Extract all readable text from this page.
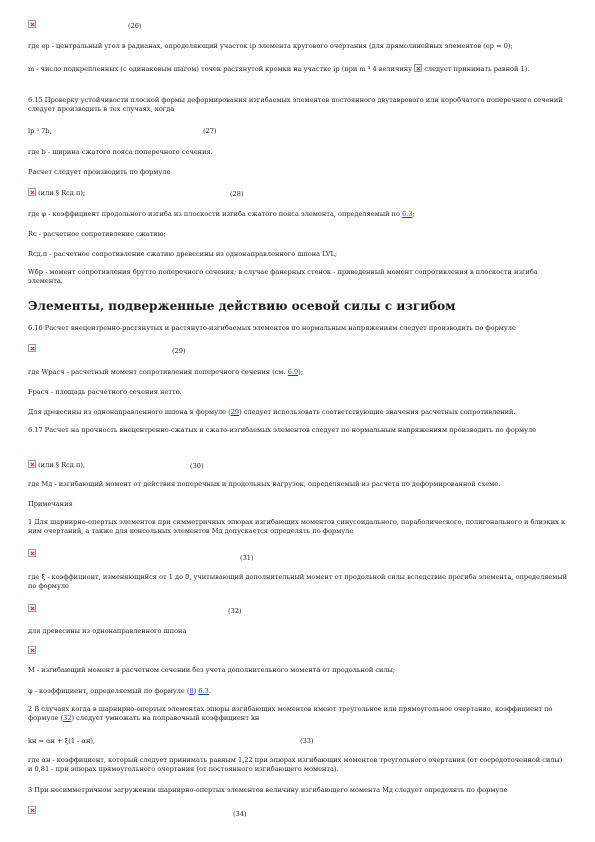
(26)
где ep - центральный угол в радианах, определяющий участок ip элемента кругового очертания (для прямолинейных элементов (ep = 0);
m - число подкрепленных (с одинаковым шагом) точек растянутой кромки на участке ip (при m ³ 4 величину следует принимать равной 1).
6.15 Проверку устойчивости плоской формы деформирования изгибаемых элементов постоянного двутаврового или коробчатого поперечного сечений следует производить в тех случаях, когда
lp ³ 7b,	(27)
где b - ширина сжатого пояса поперечного сечения.
Расчет следует производить по формуле
(или § Rсд.п);	(28)
где φ - коэффициент продольного изгиба из плоскости изгиба сжатого пояса элемента, определяемый по 6.3;
Rc - расчетное сопротивление сжатию;
Rсд.п - расчетное сопротивление сжатию древесины из однонаправленного шпона LVL;
Wбр - момент сопротивления брутто поперечного сечения; в случае фанерных стенок - приведенный момент сопротивления в плоскости изгиба элемента.
Элементы, подверженные действию осевой силы с изгибом
6.16 Расчет внецентренно-растянутых и растянуто-изгибаемых элементов по нормальным напряжениям следует производить по формуле
(29)
где Wрасч - расчетный момент сопротивления поперечного сечения (см. 6.9);
Fрасч - площадь расчетного сечения нетто.
Для древесины из однонаправленного шпона в формуле (29) следует использовать соответствующие значения расчетных сопротивлений.
6.17 Расчет на прочность внецентренно-сжатых и сжато-изгибаемых элементов следует по нормальным напряжениям производить по формуле
(или § Rсд.п),	(30)
где Мд - изгибающий момент от действия поперечных и продольных нагрузок, определяемый из расчета по деформированной схеме.
Примечания
1 Для шарнирно-опертых элементов при симметричных эпюрах изгибающих моментов синусоидального, параболического, полигонального и близких к ним очертаний, а также для консольных элементов Мд допускается определять по формуле
(31)
где ξ - коэффициент, изменяющийся от 1 до 0, учитывающий дополнительный момент от продольной силы вследствие прогиба элемента, определяемый по формуле
(32)
для древесины из однонаправленного шпона
М - изгибающий момент в расчетном сечении без учета дополнительного момента от продольной силы;
φ - коэффициент, определяемый по формуле (8) 6.3.
2 В случаях когда в шарнирно-опертых элементах эпюры изгибающих моментов имеют треугольное или прямоугольное очертание, коэффициент по формуле (32) следует умножать на поправочный коэффициент kн
kн = αн + ξ(1 - αн),	(33)
где αн - коэффициент, который следует принимать равным 1,22 при эпюрах изгибающих моментов треугольного очертания (от сосредоточенной силы) и 0,81 - при эпюрах прямоугольного очертания (от постоянного изгибающего момента).
3 При несимметричном загружении шарнирно-опертых элементов величину изгибающего момента Мд следует определять по формуле
(34)
